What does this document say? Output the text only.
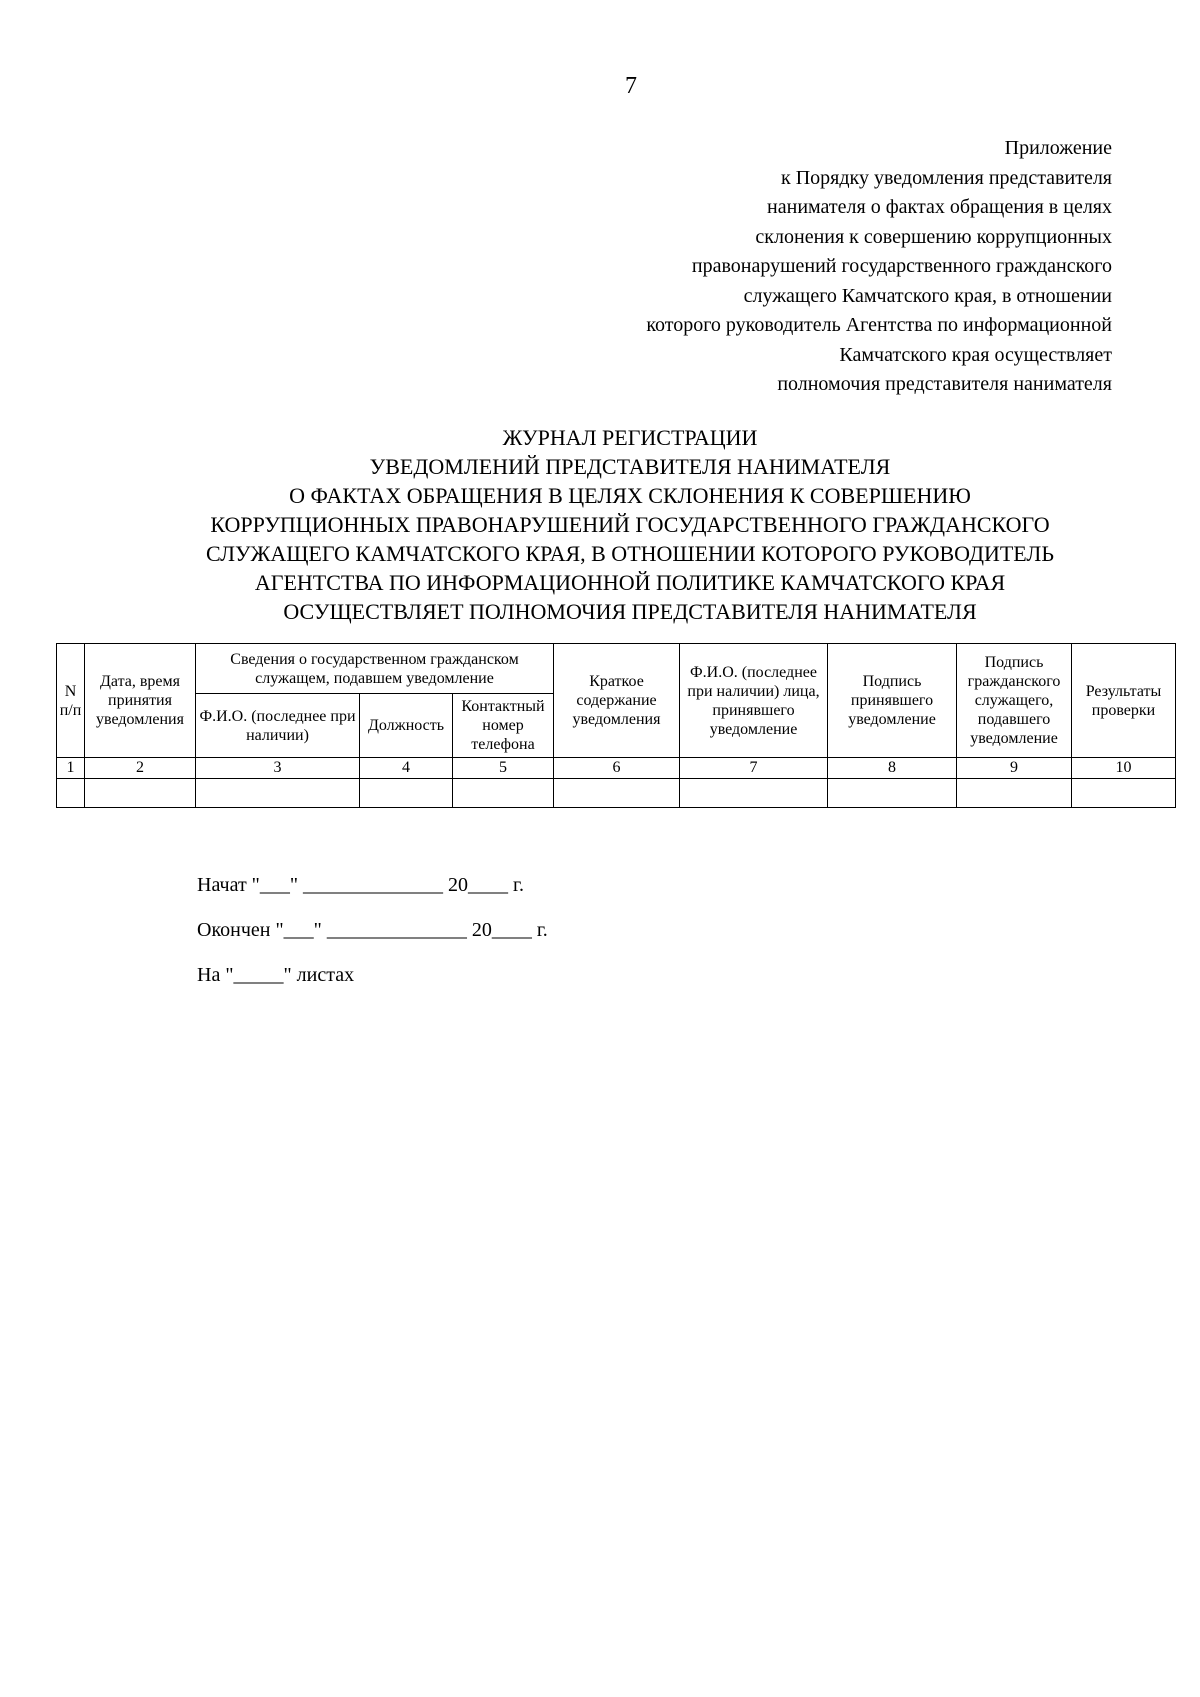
7
Приложение
к Порядку уведомления представителя
нанимателя о фактах обращения в целях
склонения к совершению коррупционных
правонарушений государственного гражданского
служащего Камчатского края, в отношении
которого руководитель Агентства по информационной
Камчатского края осуществляет
полномочия представителя нанимателя
ЖУРНАЛ РЕГИСТРАЦИИ
УВЕДОМЛЕНИЙ ПРЕДСТАВИТЕЛЯ НАНИМАТЕЛЯ
О ФАКТАХ ОБРАЩЕНИЯ В ЦЕЛЯХ СКЛОНЕНИЯ К СОВЕРШЕНИЮ
КОРРУПЦИОННЫХ ПРАВОНАРУШЕНИЙ ГОСУДАРСТВЕННОГО ГРАЖДАНСКОГО
СЛУЖАЩЕГО КАМЧАТСКОГО КРАЯ, В ОТНОШЕНИИ КОТОРОГО РУКОВОДИТЕЛЬ
АГЕНТСТВА ПО ИНФОРМАЦИОННОЙ ПОЛИТИКЕ КАМЧАТСКОГО КРАЯ
ОСУЩЕСТВЛЯЕТ ПОЛНОМОЧИЯ ПРЕДСТАВИТЕЛЯ НАНИМАТЕЛЯ
N п/п	Дата, время принятия уведомления	Сведения о государственном гражданском служащем, подавшем уведомление			Краткое содержание уведомления	Ф.И.О. (последнее при наличии) лица, принявшего уведомление	Подпись принявшего уведомление	Подпись гражданского служащего, подавшего уведомление	Результаты проверки
		Ф.И.О. (последнее при наличии)	Должность	Контактный номер телефона					
1	2	3	4	5	6	7	8	9	10

Начат "___" ______________ 20____ г.
Окончен "___" ______________ 20____ г.
На "_____" листах
